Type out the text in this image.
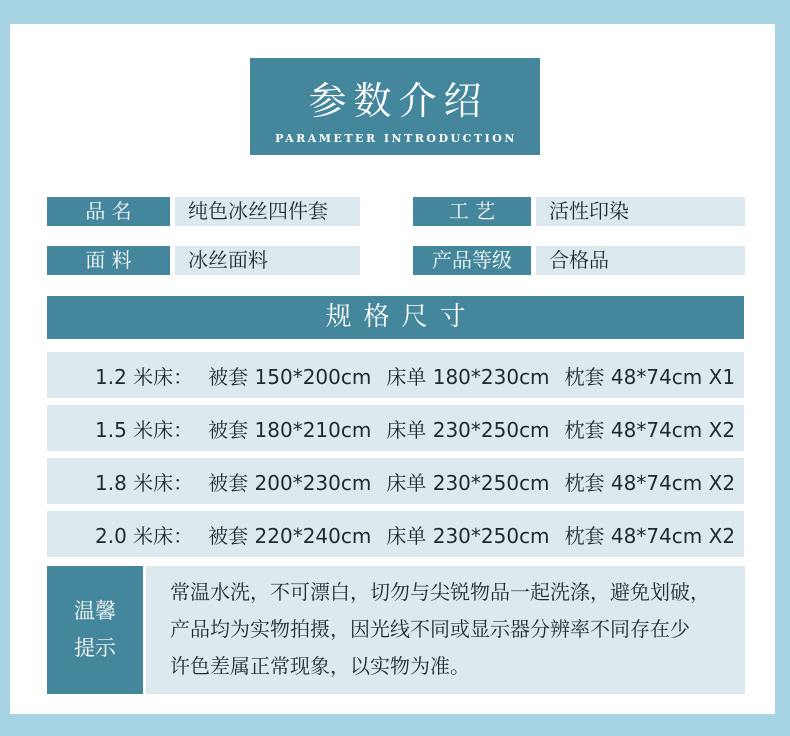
参数介绍
PARAMETER INTRODUCTION
品 名	纯色冰丝四件套	工 艺	活性印染
面 料	冰丝面料	产品等级	合格品
规格尺寸
1.2 米床： 被套 150*200cm 床单 180*230cm 枕套 48*74cm X1
1.5 米床： 被套 180*210cm 床单 230*250cm 枕套 48*74cm X2
1.8 米床： 被套 200*230cm 床单 230*250cm 枕套 48*74cm X2
2.0 米床： 被套 220*240cm 床单 230*250cm 枕套 48*74cm X2
温馨
提示
常温水洗，不可漂白，切勿与尖锐物品一起洗涤，避免划破，
产品均为实物拍摄，因光线不同或显示器分辨率不同存在少
许色差属正常现象，以实物为准。
